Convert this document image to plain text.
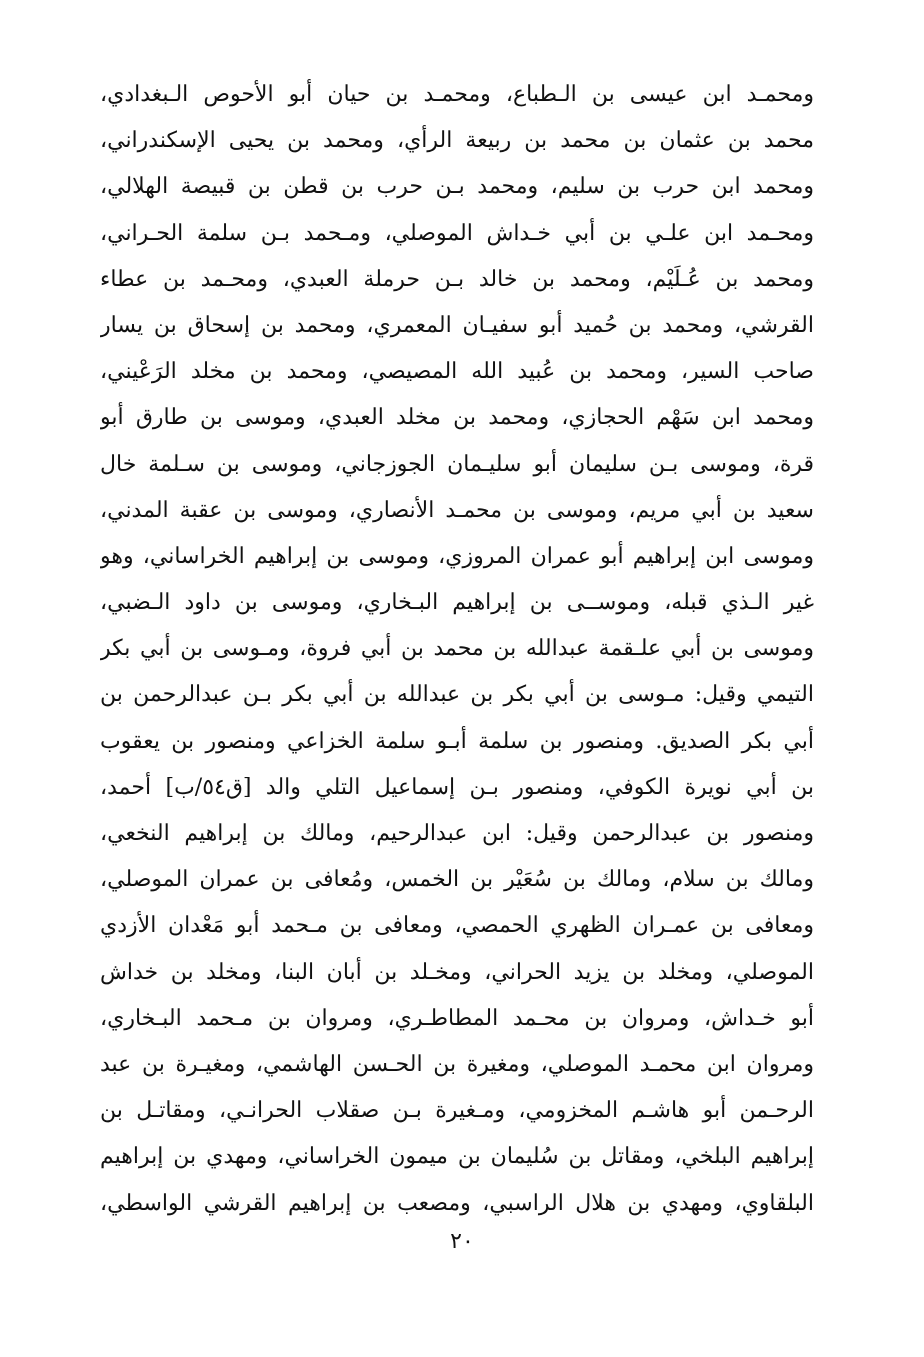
ومحمـد ابن عيسى بن الـطباع، ومحمـد بن حيان أبو الأحوص الـبغدادي،
محمد بن عثمان بن محمد بن ربيعة الرأي، ومحمد بن يحيى الإسكندراني،
ومحمد ابن حرب بن سليم، ومحمد بـن حرب بن قطن بن قبيصة الهلالي،
ومحـمد ابن علـي بن أبي خـداش الموصلي، ومـحمد بـن سلمة الحـراني،
ومحمد بن عُـلَيْم، ومحمد بن خالد بـن حرملة العبدي، ومحـمد بن عطاء
القرشي، ومحمد بن حُميد أبو سفيـان المعمري، ومحمد بن إسحاق بن يسار
صاحب السير، ومحمد بن عُبيد الله المصيصي، ومحمد بن مخلد الرَعْيني،
ومحمد ابن سَهْم الحجازي، ومحمد بن مخلد العبدي، وموسى بن طارق أبو
قرة، وموسى بـن سليمان أبو سليـمان الجوزجاني، وموسى بن سـلمة خال
سعيد بن أبي مريم، وموسى بن محمـد الأنصاري، وموسى بن عقبة المدني،
وموسى ابن إبراهيم أبو عمران المروزي، وموسى بن إبراهيم الخراساني، وهو
غير الـذي قبله، وموســى بن إبراهيم البـخاري، وموسى بن داود الـضبي،
وموسى بن أبي علـقمة عبدالله بن محمد بن أبي فروة، ومـوسى بن أبي بكر
التيمي وقيل: مـوسى بن أبي بكر بن عبدالله بن أبي بكر بـن عبدالرحمن بن
أبي بكر الصديق. ومنصور بن سلمة أبـو سلمة الخزاعي ومنصور بن يعقوب
بن أبي نويرة الكوفي، ومنصور بـن إسماعيل التلي والد [ق٥٤/ب] أحمد،
ومنصور بن عبدالرحمن وقيل: ابن عبدالرحيم، ومالك بن إبراهيم النخعي،
ومالك بن سلام، ومالك بن سُعَيْر بن الخمس، ومُعافى بن عمران الموصلي،
ومعافى بن عمـران الظهري الحمصي، ومعافى بن مـحمد أبو مَعْدان الأزدي
الموصلي، ومخلد بن يزيد الحراني، ومخـلد بن أبان البنا، ومخلد بن خداش
أبو خـداش، ومروان بن محـمد المطاطـري، ومروان بن مـحمد البـخاري،
ومروان ابن محمـد الموصلي، ومغيرة بن الحـسن الهاشمي، ومغيـرة بن عبد
الرحـمن أبو هاشـم المخزومي، ومـغيرة بـن صقلاب الحرانـي، ومقاتـل بن
إبراهيم البلخي، ومقاتل بن سُليمان بن ميمون الخراساني، ومهدي بن إبراهيم
البلقاوي، ومهدي بن هلال الراسبي، ومصعب بن إبراهيم القرشي الواسطي،
٢٠
